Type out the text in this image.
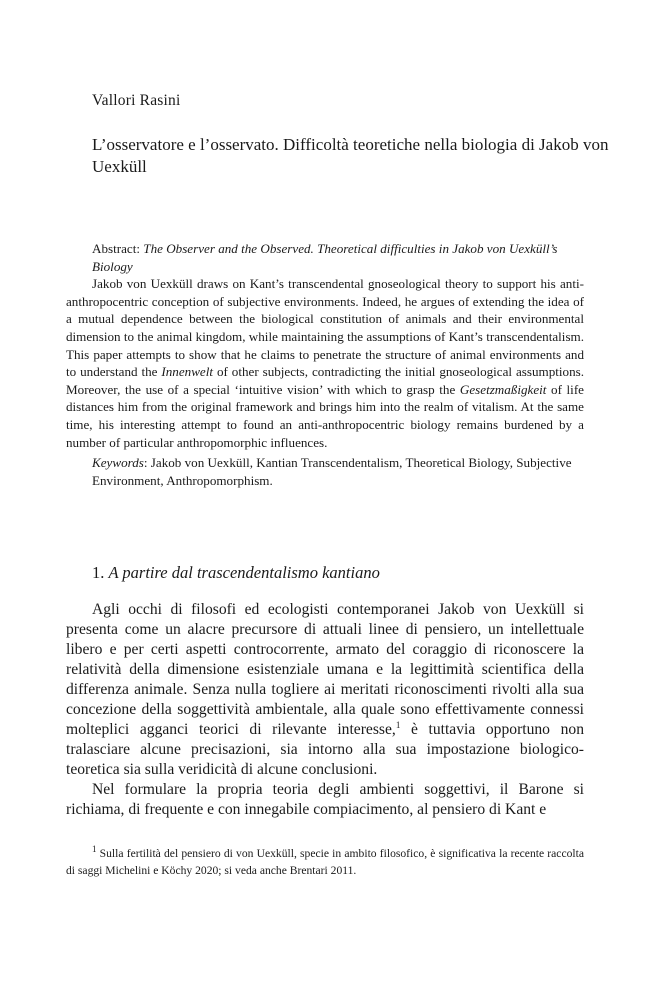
Vallori Rasini
L’osservatore e l’osservato. Difficoltà teoretiche nella biologia di Jakob von Uexküll

Abstract: The Observer and the Observed. Theoretical difficulties in Jakob von Uexküll’s Biology

Jakob von Uexküll draws on Kant’s transcendental gnoseological theory to support his anti-anthropocentric conception of subjective environments. Indeed, he argues of extending the idea of a mutual dependence between the biological constitution of animals and their environmental dimension to the animal kingdom, while maintaining the assumptions of Kant’s transcendentalism. This paper attempts to show that he claims to penetrate the structure of animal environments and to understand the Innenwelt of other subjects, contradicting the initial gnoseological assumptions. Moreover, the use of a special ‘intuitive vision’ with which to grasp the Gesetzmaßigkeit of life distances him from the original framework and brings him into the realm of vitalism. At the same time, his interesting attempt to found an anti-anthropocentric biology remains burdened by a number of particular anthropomorphic influences.

Keywords: Jakob von Uexküll, Kantian Transcendentalism, Theoretical Biology, Subjective Environment, Anthropomorphism.

1. A partire dal trascendentalismo kantiano

Agli occhi di filosofi ed ecologisti contemporanei Jakob von Uexküll si presenta come un alacre precursore di attuali linee di pensiero, un intellettuale libero e per certi aspetti controcorrente, armato del coraggio di riconoscere la relatività della dimensione esistenziale umana e la legittimità scientifica della differenza animale. Senza nulla togliere ai meritati riconoscimenti rivolti alla sua concezione della soggettività ambientale, alla quale sono effettivamente connessi molteplici agganci teorici di rilevante interesse,$^1$ è tuttavia opportuno non tralasciare alcune precisazioni, sia intorno alla sua impostazione biologico-teoretica sia sulla veridicità di alcune conclusioni.

Nel formulare la propria teoria degli ambienti soggettivi, il Barone si richiama, di frequente e con innegabile compiacimento, al pensiero di Kant e

$^1$ Sulla fertilità del pensiero di von Uexküll, specie in ambito filosofico, è significativa la recente raccolta di saggi Michelini e Köchy 2020; si veda anche Brentari 2011.
